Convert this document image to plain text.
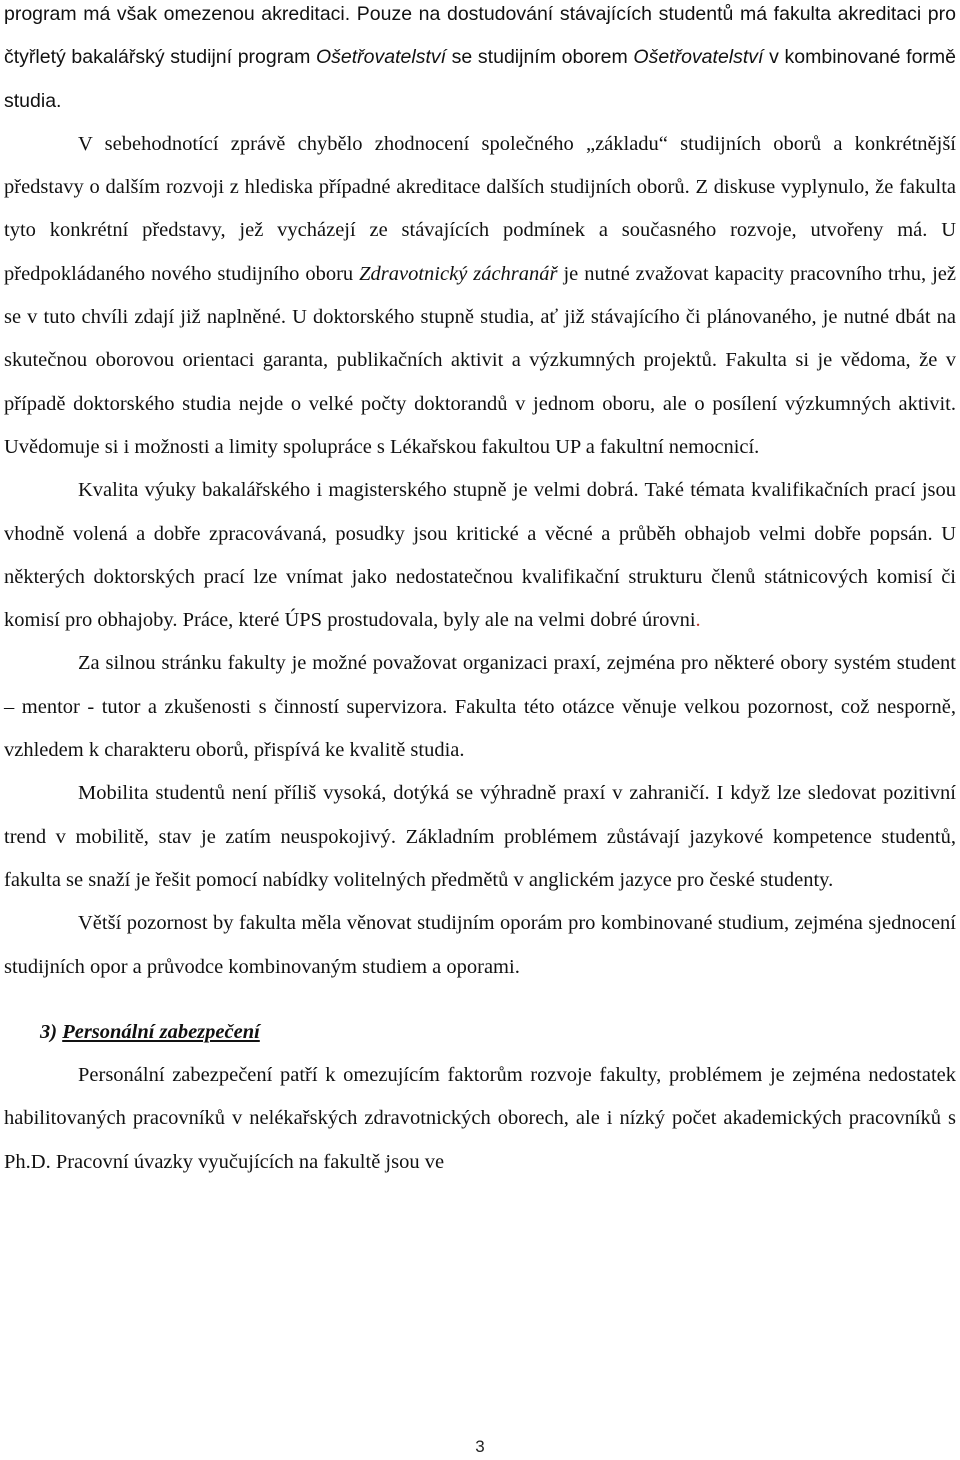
program má však omezenou akreditaci. Pouze na dostudování stávajících studentů má fakulta akreditaci pro čtyřletý bakalářský studijní program Ošetřovatelství se studijním oborem Ošetřovatelství v kombinované formě studia.

V sebehodnotící zprávě chybělo zhodnocení společného „základu“ studijních oborů a konkrétnější představy o dalším rozvoji z hlediska případné akreditace dalších studijních oborů. Z diskuse vyplynulo, že fakulta tyto konkrétní představy, jež vycházejí ze stávajících podmínek a současného rozvoje, utvořeny má. U předpokládaného nového studijního oboru Zdravotnický záchranář je nutné zvažovat kapacity pracovního trhu, jež se v tuto chvíli zdají již naplněné. U doktorského stupně studia, ať již stávajícího či plánovaného, je nutné dbát na skutečnou oborovou orientaci garanta, publikačních aktivit a výzkumných projektů. Fakulta si je vědoma, že v případě doktorského studia nejde o velké počty doktorandů v jednom oboru, ale o posílení výzkumných aktivit. Uvědomuje si i možnosti a limity spolupráce s Lékařskou fakultou UP a fakultní nemocnicí.

Kvalita výuky bakalářského i magisterského stupně je velmi dobrá. Také témata kvalifikačních prací jsou vhodně volená a dobře zpracovávaná, posudky jsou kritické a věcné a průběh obhajob velmi dobře popsán. U některých doktorských prací lze vnímat jako nedostatečnou kvalifikační strukturu členů státnicových komisí či komisí pro obhajoby. Práce, které ÚPS prostudovala, byly ale na velmi dobré úrovni.

Za silnou stránku fakulty je možné považovat organizaci praxí, zejména pro některé obory systém student – mentor - tutor a zkušenosti s činností supervizora. Fakulta této otázce věnuje velkou pozornost, což nesporně, vzhledem k charakteru oborů, přispívá ke kvalitě studia.

Mobilita studentů není příliš vysoká, dotýká se výhradně praxí v zahraničí. I když lze sledovat pozitivní trend v mobilitě, stav je zatím neuspokojivý. Základním problémem zůstávají jazykové kompetence studentů, fakulta se snaží je řešit pomocí nabídky volitelných předmětů v anglickém jazyce pro české studenty.

Větší pozornost by fakulta měla věnovat studijním oporám pro kombinované studium, zejména sjednocení studijních opor a průvodce kombinovaným studiem a oporami.

3) Personální zabezpečení

Personální zabezpečení patří k omezujícím faktorům rozvoje fakulty, problémem je zejména nedostatek habilitovaných pracovníků v nelékařských zdravotnických oborech, ale i nízký počet akademických pracovníků s Ph.D. Pracovní úvazky vyučujících na fakultě jsou ve

3
